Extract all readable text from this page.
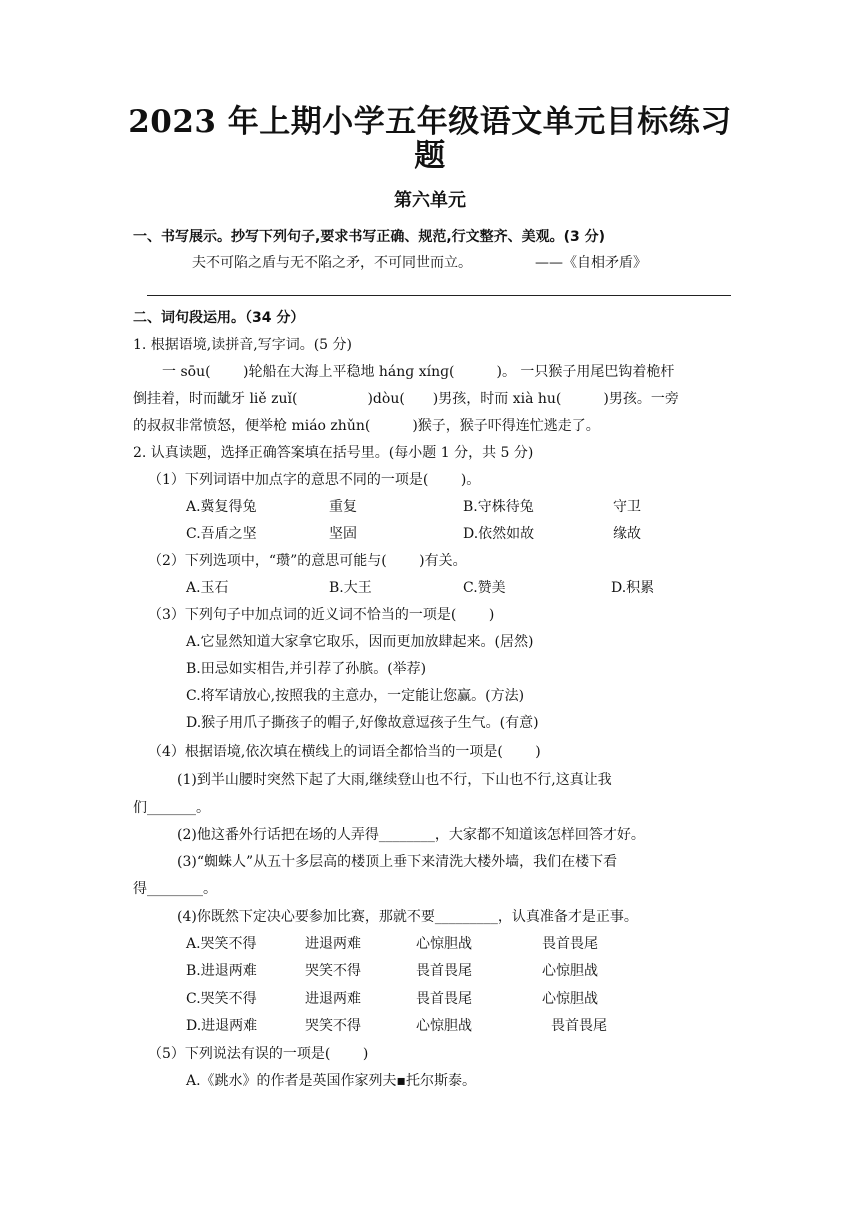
2023 年上期小学五年级语文单元目标练习
题
第六单元
一、书写展示。抄写下列句子,要求书写正确、规范,行文整齐、美观。(3 分)
夫不可陷之盾与无不陷之矛，不可同世而立。	——《自相矛盾》
二、词句段运用。（34 分）
1. 根据语境,读拼音,写字词。(5 分)
一 sōu(　　 )轮船在大海上平稳地 hánɡ xínɡ(　　　)。 一只猴子用尾巴钩着桅杆
倒挂着，时而龇牙 liě zuǐ(　　　　　)dòu(　　)男孩，时而 xià hu(　　　)男孩。一旁
的叔叔非常愤怒，便举枪 miáo zhǔn(　　　)猴子，猴子吓得连忙逃走了。
2. 认真读题，选择正确答案填在括号里。(每小题 1 分，共 5 分)
（1）下列词语中加点字的意思不同的一项是(　　 )。
A.冀复得兔	重复	B.守株待兔	守卫
C.吾盾之坚	坚固	D.依然如故	缘故
（2）下列选项中，“瓒”的意思可能与(　　 )有关。
A.玉石	B.大王	C.赞美	D.积累
（3）下列句子中加点词的近义词不恰当的一项是(　　 )
A.它显然知道大家拿它取乐，因而更加放肆起来。(居然)
B.田忌如实相告,并引荐了孙膑。(举荐)
C.将军请放心,按照我的主意办，一定能让您赢。(方法)
D.猴子用爪子撕孩子的帽子,好像故意逗孩子生气。(有意)
（4）根据语境,依次填在横线上的词语全都恰当的一项是(　　 )
(1)到半山腰时突然下起了大雨,继续登山也不行，下山也不行,这真让我
们_______。
(2)他这番外行话把在场的人弄得________，大家都不知道该怎样回答才好。
(3)“蜘蛛人”从五十多层高的楼顶上垂下来清洗大楼外墙，我们在楼下看
得________。
(4)你既然下定决心要参加比赛，那就不要_________，认真准备才是正事。
A.哭笑不得	进退两难	心惊胆战	畏首畏尾
B.进退两难	哭笑不得	畏首畏尾	心惊胆战
C.哭笑不得	进退两难	畏首畏尾	心惊胆战
D.进退两难	哭笑不得	心惊胆战	畏首畏尾
（5）下列说法有误的一项是(　　 )
A.《跳水》的作者是英国作家列夫▪托尔斯泰。
